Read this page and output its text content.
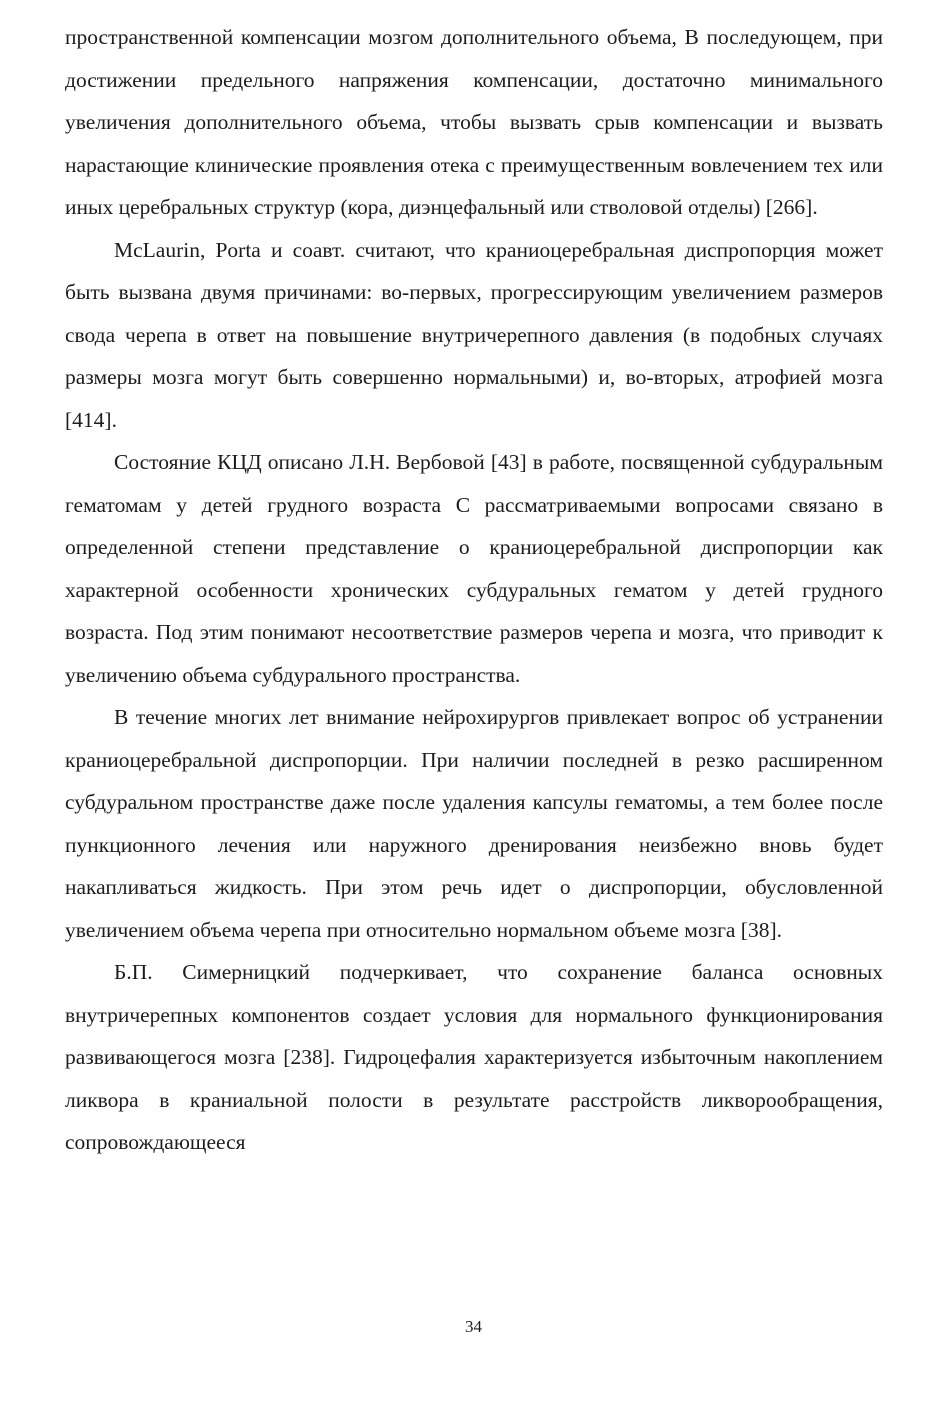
пространственной компенсации мозгом дополнительного объема, В последующем, при достижении предельного напряжения компенсации, достаточно минимального увеличения дополнительного объема, чтобы вызвать срыв компенсации и вызвать нарастающие клинические проявления отека с преимущественным вовлечением тех или иных церебральных структур (кора, диэнцефальный или стволовой отделы) [266].

McLaurin, Porta и соавт. считают, что краниоцеребральная диспропорция может быть вызвана двумя причинами: во-первых, прогрессирующим увеличением размеров свода черепа в ответ на повышение внутричерепного давления (в подобных случаях размеры мозга могут быть совершенно нормальными) и, во-вторых, атрофией мозга [414].

Состояние КЦД описано Л.Н. Вербовой [43] в работе, посвященной субдуральным гематомам у детей грудного возраста С рассматриваемыми вопросами связано в определенной степени представление о краниоцеребральной диспропорции как характерной особенности хронических субдуральных гематом у детей грудного возраста. Под этим понимают несоответствие размеров черепа и мозга, что приводит к увеличению объема субдурального пространства.

В течение многих лет внимание нейрохирургов привлекает вопрос об устранении краниоцеребральной диспропорции. При наличии последней в резко расширенном субдуральном пространстве даже после удаления капсулы гематомы, а тем более после пункционного лечения или наружного дренирования неизбежно вновь будет накапливаться жидкость. При этом речь идет о диспропорции, обусловленной увеличением объема черепа при относительно нормальном объеме мозга [38].

Б.П. Симерницкий подчеркивает, что сохранение баланса основных внутричерепных компонентов создает условия для нормального функционирования развивающегося мозга [238]. Гидроцефалия характеризуется избыточным накоплением ликвора в краниальной полости в результате расстройств ликворообращения, сопровождающееся

34
